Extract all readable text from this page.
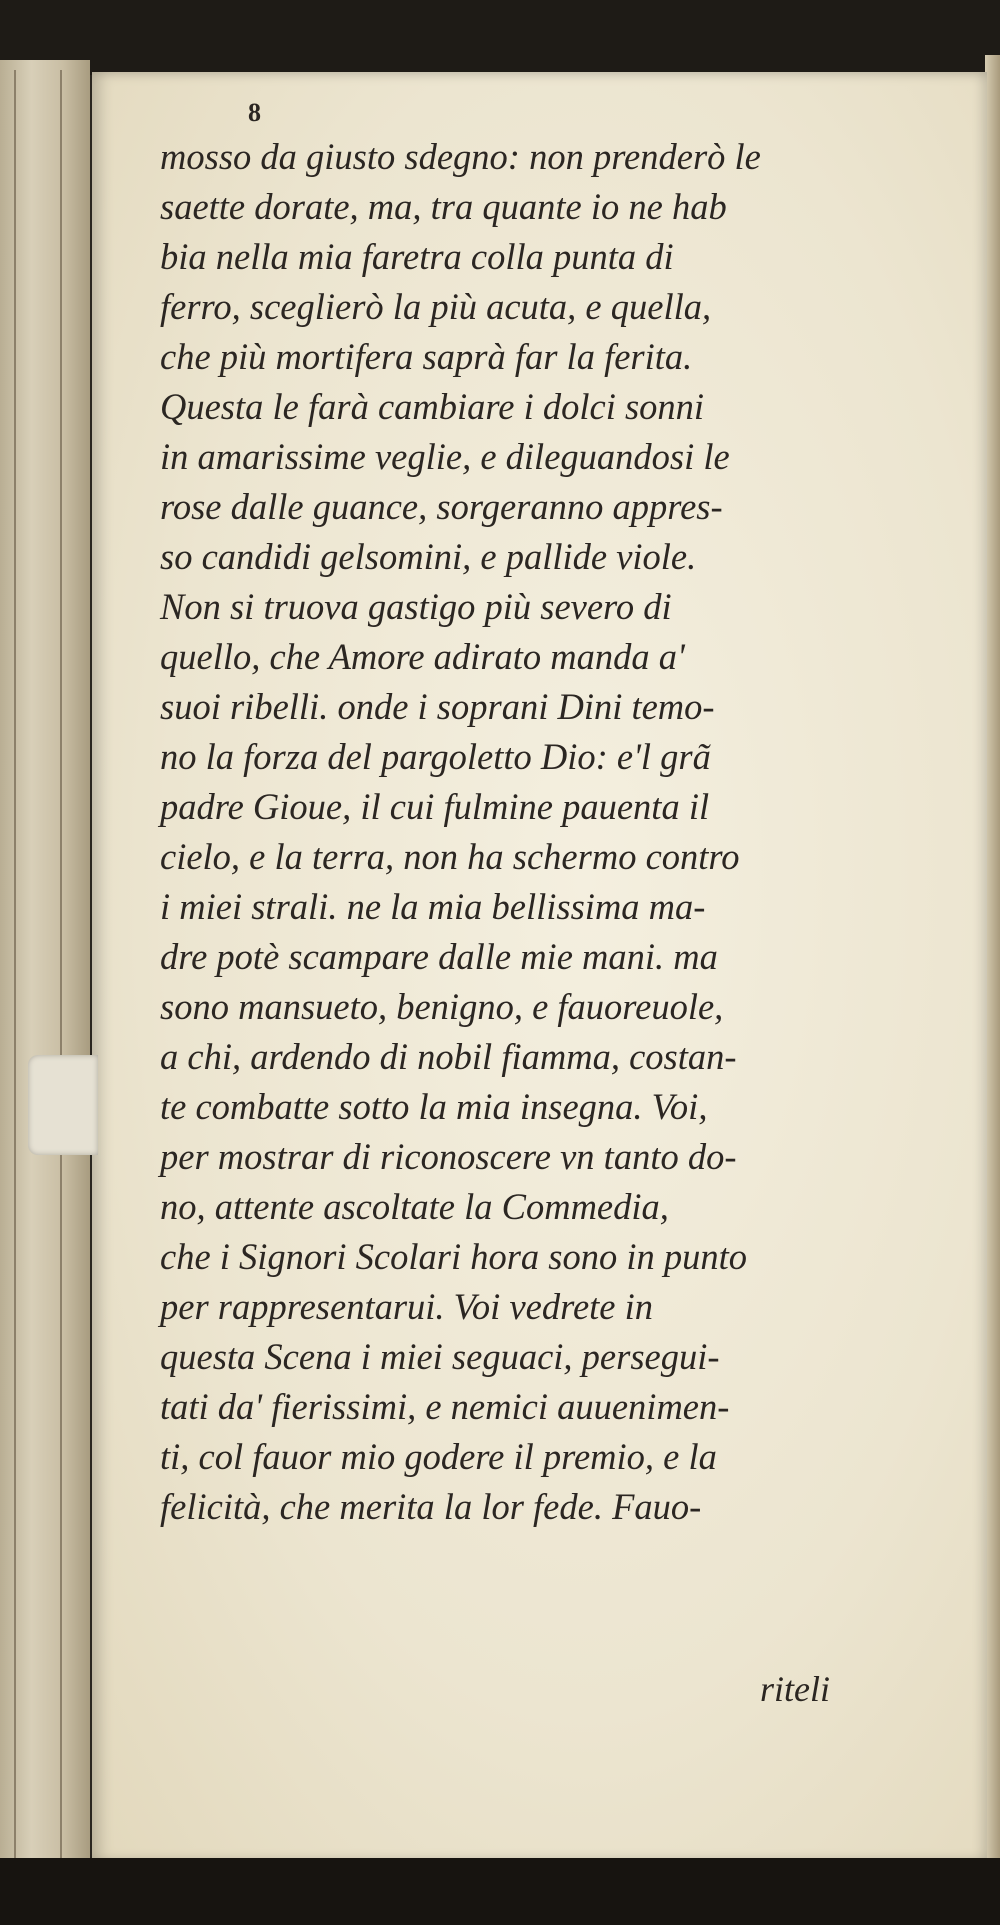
8
mosso da giusto sdegno: non prenderò le
saette dorate, ma, tra quante io ne hab
bia nella mia faretra colla punta di
ferro, sceglierò la più acuta, e quella,
che più mortifera saprà far la ferita.
Questa le farà cambiare i dolci sonni
in amarissime veglie, e dileguandosi le
rose dalle guance, sorgeranno appres-
so candidi gelsomini, e pallide viole.
Non si truova gastigo più severo di
quello, che Amore adirato manda a'
suoi ribelli. onde i soprani Dini temo-
no la forza del pargoletto Dio: e'l grã
padre Gioue, il cui fulmine pauenta il
cielo, e la terra, non ha schermo contro
i miei strali. ne la mia bellissima ma-
dre potè scampare dalle mie mani. ma
sono mansueto, benigno, e fauoreuole,
a chi, ardendo di nobil fiamma, costan-
te combatte sotto la mia insegna. Voi,
per mostrar di riconoscere vn tanto do-
no, attente ascoltate la Commedia,
che i Signori Scolari hora sono in punto
per rappresentarui. Voi vedrete in
questa Scena i miei seguaci, persegui-
tati da' fierissimi, e nemici auuenimen-
ti, col fauor mio godere il premio, e la
felicità, che merita la lor fede. Fauo-
riteli
